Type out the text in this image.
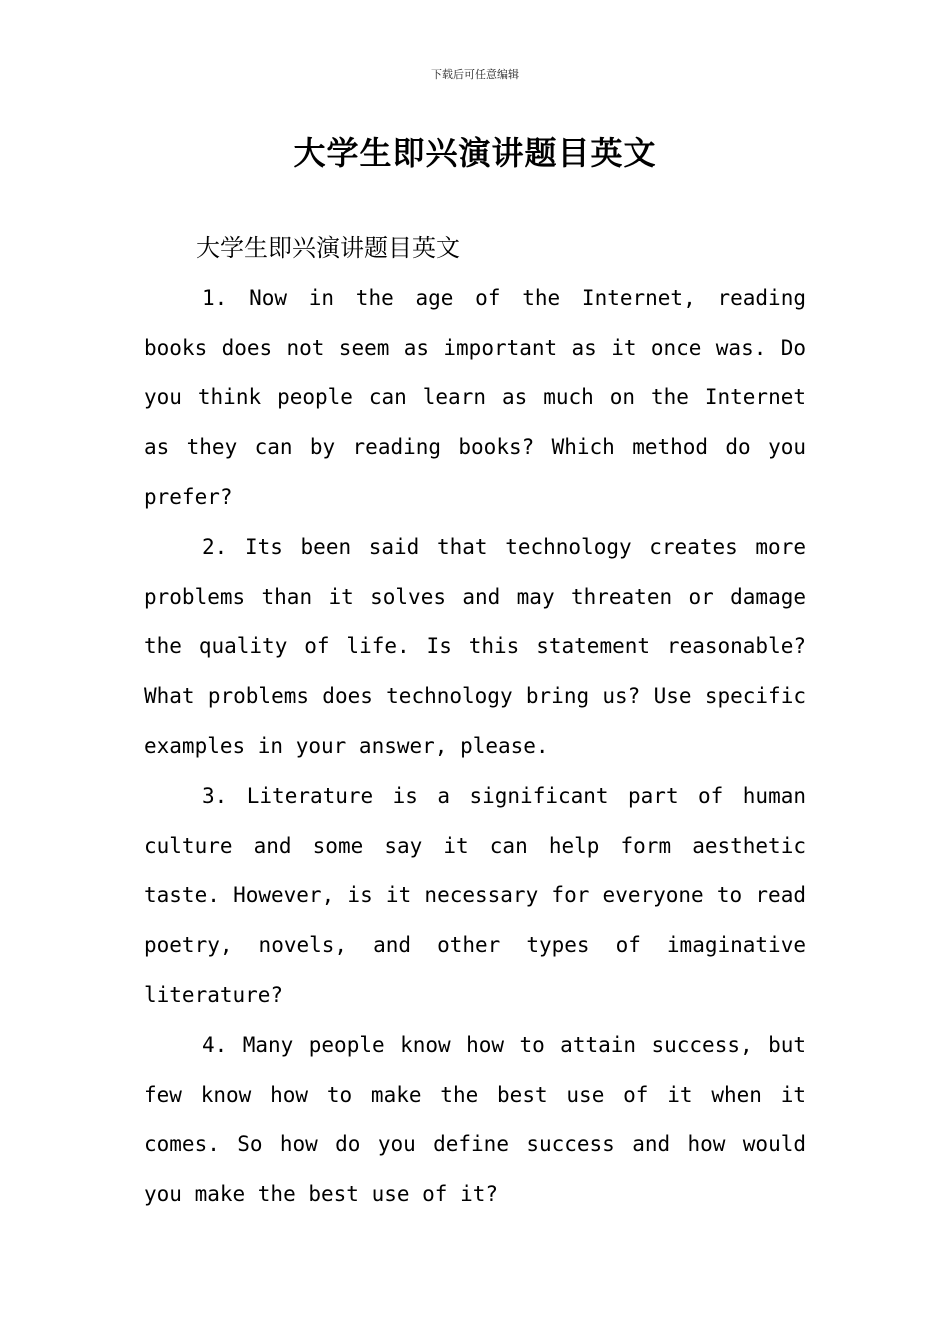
下载后可任意编辑
大学生即兴演讲题目英文

大学生即兴演讲题目英文

1. Now in the age of the Internet, reading books does not seem as important as it once was. Do you think people can learn as much on the Internet as they can by reading books? Which method do you prefer?

2. Its been said that technology creates more problems than it solves and may threaten or damage the quality of life. Is this statement reasonable? What problems does technology bring us? Use specific examples in your answer, please.

3. Literature is a significant part of human culture and some say it can help form aesthetic taste. However, is it necessary for everyone to read poetry, novels, and other types of imaginative literature?

4. Many people know how to attain success, but few know how to make the best use of it when it comes. So how do you define success and how would you make the best use of it?
